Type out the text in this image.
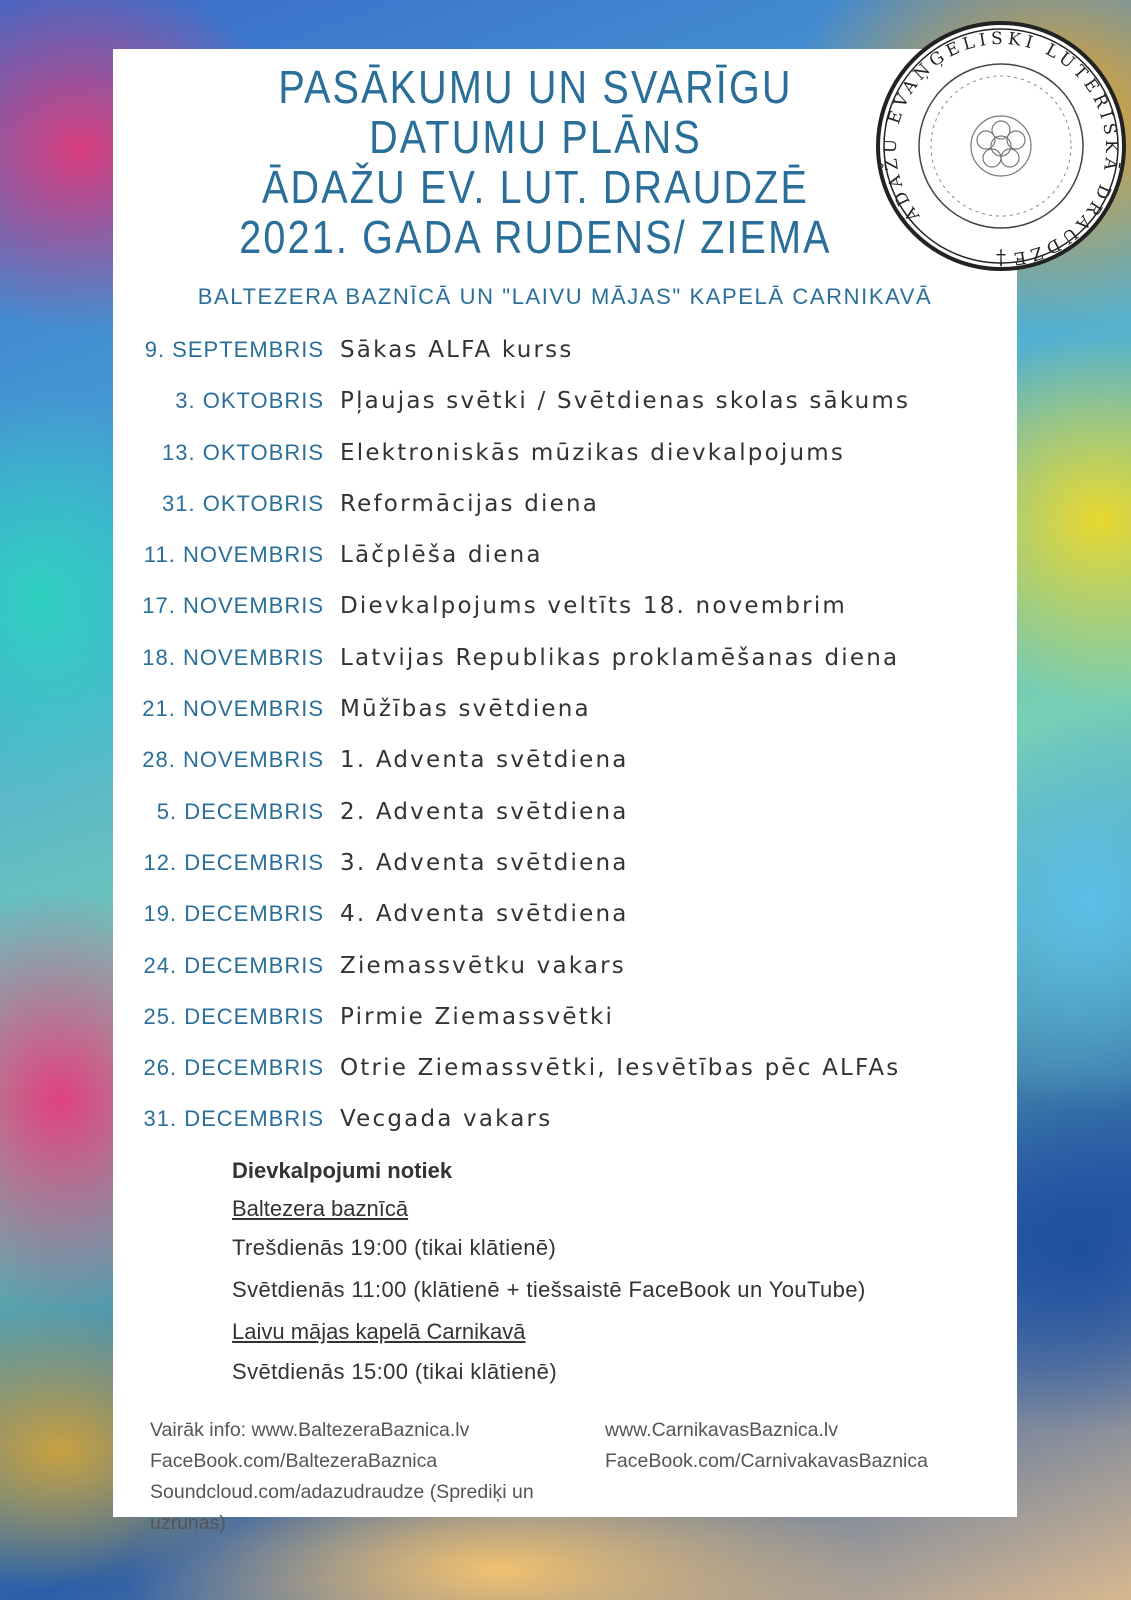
PASĀKUMU UN SVARĪGU
DATUMU PLĀNS
ĀDAŽU EV. LUT. DRAUDZĒ
2021. GADA RUDENS/ ZIEMA
BALTEZERA BAZNĪCĀ UN "LAIVU MĀJAS" KAPELĀ CARNIKAVĀ
ĀDAŽU EVAŅĢELISKI LUTERISKĀ DRAUDZE
†
9. SEPTEMBRIS Sākas ALFA kurss
3. OKTOBRIS Pļaujas svētki / Svētdienas skolas sākums
13. OKTOBRIS Elektroniskās mūzikas dievkalpojums
31. OKTOBRIS Reformācijas diena
11. NOVEMBRIS Lāčplēša diena
17. NOVEMBRIS Dievkalpojums veltīts 18. novembrim
18. NOVEMBRIS Latvijas Republikas proklamēšanas diena
21. NOVEMBRIS Mūžības svētdiena
28. NOVEMBRIS 1. Adventa svētdiena
5. DECEMBRIS 2. Adventa svētdiena
12. DECEMBRIS 3. Adventa svētdiena
19. DECEMBRIS 4. Adventa svētdiena
24. DECEMBRIS Ziemassvētku vakars
25. DECEMBRIS Pirmie Ziemassvētki
26. DECEMBRIS Otrie Ziemassvētki, Iesvētības pēc ALFAs
31. DECEMBRIS Vecgada vakars
Dievkalpojumi notiek
Baltezera baznīcā
Trešdienās 19:00 (tikai klātienē)
Svētdienās 11:00 (klātienē + tiešsaistē FaceBook un YouTube)
Laivu mājas kapelā Carnikavā
Svētdienās 15:00 (tikai klātienē)
Vairāk info: www.BaltezeraBaznica.lv
FaceBook.com/BaltezeraBaznica
Soundcloud.com/adazudraudze (Sprediķi un uzrunas)
www.CarnikavasBaznica.lv
FaceBook.com/CarnivakavasBaznica
